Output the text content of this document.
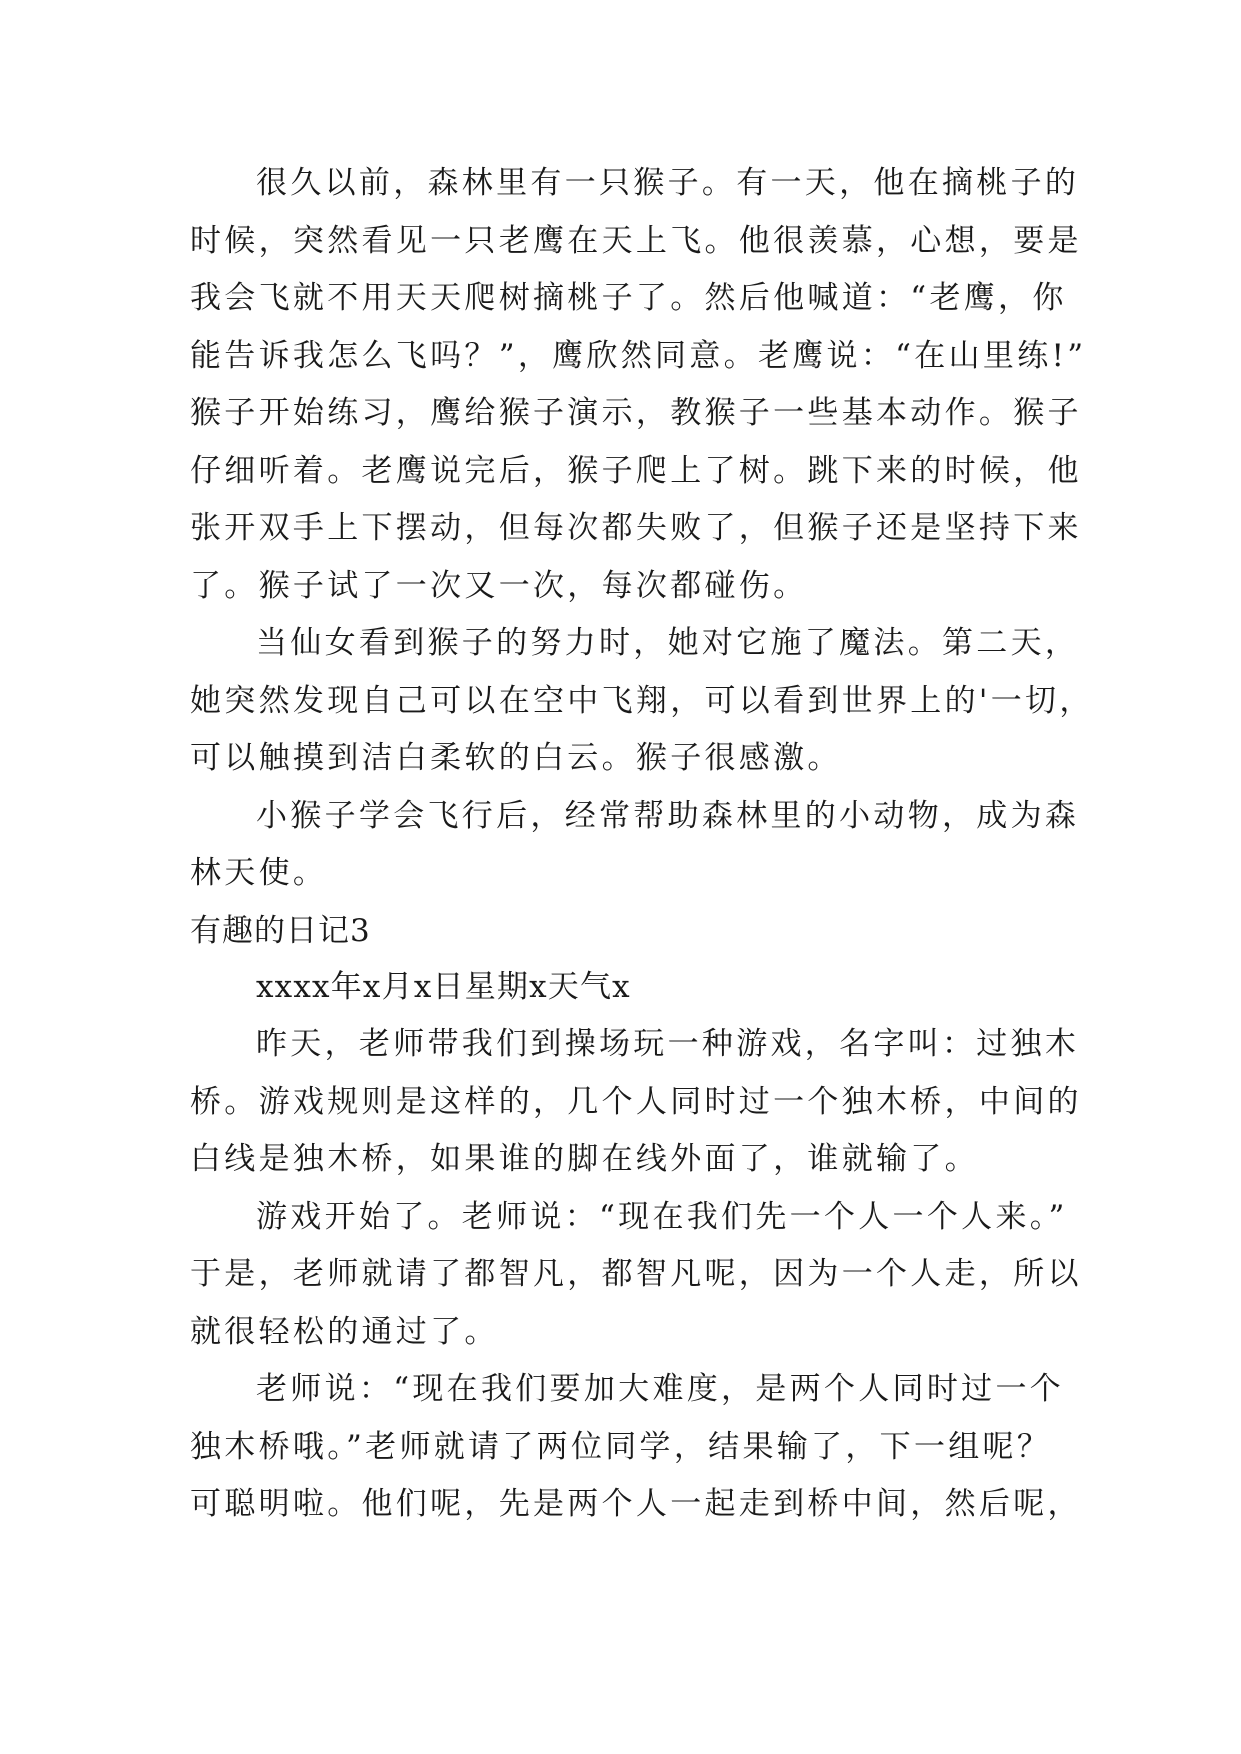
很久以前，森林里有一只猴子。有一天，他在摘桃子的
时候，突然看见一只老鹰在天上飞。他很羡慕，心想，要是
我会飞就不用天天爬树摘桃子了。然后他喊道：“老鹰，你
能告诉我怎么飞吗？”，鹰欣然同意。老鹰说：“在山里练!”
猴子开始练习，鹰给猴子演示，教猴子一些基本动作。猴子
仔细听着。老鹰说完后，猴子爬上了树。跳下来的时候，他
张开双手上下摆动，但每次都失败了，但猴子还是坚持下来
了。猴子试了一次又一次，每次都碰伤。
当仙女看到猴子的努力时，她对它施了魔法。第二天，
她突然发现自己可以在空中飞翔，可以看到世界上的'一切，
可以触摸到洁白柔软的白云。猴子很感激。
小猴子学会飞行后，经常帮助森林里的小动物，成为森
林天使。
有趣的日记3
xxxx年x月x日星期x天气x
昨天，老师带我们到操场玩一种游戏，名字叫：过独木
桥。游戏规则是这样的，几个人同时过一个独木桥，中间的
白线是独木桥，如果谁的脚在线外面了，谁就输了。
游戏开始了。老师说：“现在我们先一个人一个人来。”
于是，老师就请了都智凡，都智凡呢，因为一个人走，所以
就很轻松的通过了。
老师说：“现在我们要加大难度，是两个人同时过一个
独木桥哦。”老师就请了两位同学，结果输了，下一组呢？
可聪明啦。他们呢，先是两个人一起走到桥中间，然后呢，
